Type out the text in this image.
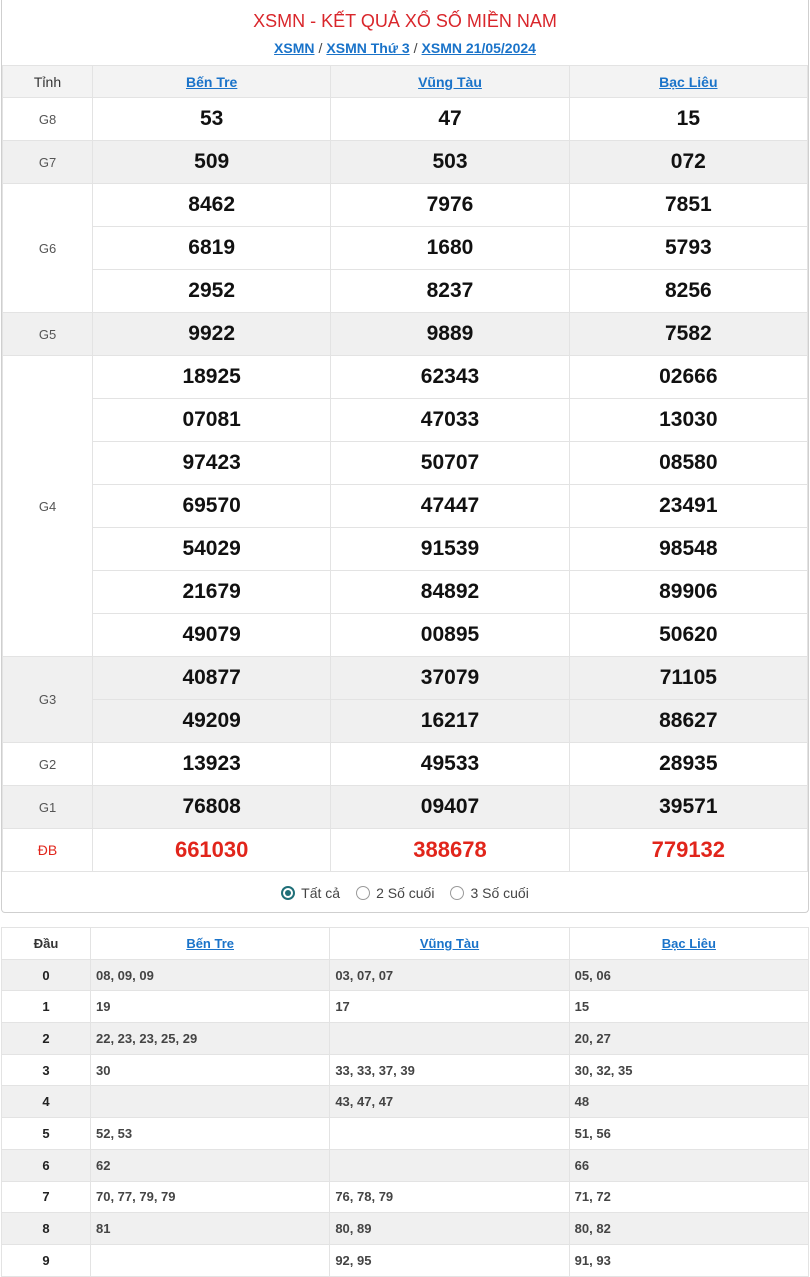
XSMN - KẾT QUẢ XỔ SỐ MIỀN NAM
XSMN / XSMN Thứ 3 / XSMN 21/05/2024
Tỉnh	Bến Tre	Vũng Tàu	Bạc Liêu
G8	53	47	15
G7	509	503	072
G6	8462	7976	7851
	6819	1680	5793
	2952	8237	8256
G5	9922	9889	7582
G4	18925	62343	02666
	07081	47033	13030
	97423	50707	08580
	69570	47447	23491
	54029	91539	98548
	21679	84892	89906
	49079	00895	50620
G3	40877	37079	71105
	49209	16217	88627
G2	13923	49533	28935
G1	76808	09407	39571
ĐB	661030	388678	779132
Tất cả	2 Số cuối	3 Số cuối
Đầu	Bến Tre	Vũng Tàu	Bạc Liêu
0	08, 09, 09	03, 07, 07	05, 06
1	19	17	15
2	22, 23, 23, 25, 29		20, 27
3	30	33, 33, 37, 39	30, 32, 35
4		43, 47, 47	48
5	52, 53		51, 56
6	62		66
7	70, 77, 79, 79	76, 78, 79	71, 72
8	81	80, 89	80, 82
9		92, 95	91, 93
